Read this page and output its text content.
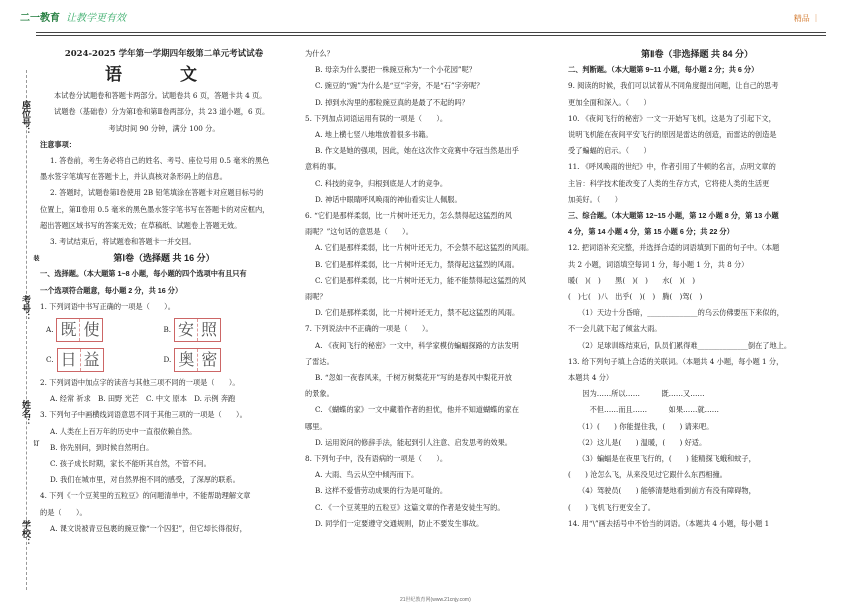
二一教育 让教学更有效	精品 ｜
座位号：
装
考号：
姓名：
订
学校：

2024-2025 学年第一学期四年级第二单元考试试卷

语 文

本试卷分试题卷和答题卡两部分。试题卷共 6 页，答题卡共 4 页。

试题卷（基础卷）分为第Ⅰ卷和第Ⅱ卷两部分，共 23 道小题，6 页。

考试时间 90 分钟，满分 100 分。

注意事项：

1. 答卷前，考生务必将自己的姓名、考号、座位号用 0.5 毫米的黑色

墨水签字笔填写在答题卡上，并认真核对条形码上的信息。

2. 答题时，试题卷第Ⅰ卷使用 2B 铅笔填涂在答题卡对应题目标号的

位置上，第Ⅱ卷用 0.5 毫米的黑色墨水签字笔书写在答题卡的对应框内，

超出答题区域书写的答案无效；在草稿纸、试题卷上答题无效。

3. 考试结束后，将试题卷和答题卡一并交回。

第Ⅰ卷（选择题 共 16 分）

一、选择题。（本大题第 1~8 小题，每小题的四个选项中有且只有

一个选项符合题意，每小题 2 分，共 16 分）

1. 下列词语中书写正确的一项是（　　）。

A. 既 使	B. 安 照
C. 日 益	D. 奥 密

2. 下列词语中加点字的读音与其他三项不同的一项是（　　）。

A. 经常 祈求　B. 田野 光芒　C. 中文 原本　D. 示例 奔跑

3. 下列句子中画横线词语意思不同于其他三项的一项是（　　）。

A. 人类在上百万年的历史中一直很依赖自然。

B. 你先别问，到时候自然明白。

C. 孩子成长时期，家长不能听其自然，不管不问。

D. 我们在城市里，对自然界抱不同的感受，了深厚的联系。

4. 下列《一个豆荚里的五粒豆》的问题清单中，不能帮助理解文章

的是（　　）。

A. 课文说被青豆包裹的豌豆像“一个囚犯”，但它却长得很好，

为什么？

B. 母亲为什么要把一株豌豆称为“一个小花园”呢？

C. 豌豆的“豌”为什么是“豆”字旁，不是“石”字旁呢？

D. 掉到水沟里的那粒豌豆真的是最了不起的吗？

5. 下列加点词语运用有误的一项是（　　）。

A. 地上横七竖八地堆放着很多书籍。

B. 作文是她的强项，因此，她在这次作文竞赛中夺冠当然是出乎

意料的事。

C. 科技的竞争，归根到底是人才的竞争。

D. 神话中眼睛呼风唤雨的神仙看实让人佩服。

6. “它们是那样柔弱，比一片树叶还无力，怎么禁得起这猛烈的风

雨呢？”这句话的意思是（　　）。

A. 它们是那样柔弱，比一片树叶还无力，不会禁不起这猛烈的风雨。

B. 它们是那样柔弱，比一片树叶还无力，禁得起这猛烈的风雨。

C. 它们是那样柔弱，比一片树叶还无力，能不能禁得起这猛烈的风

雨呢？

D. 它们是那样柔弱，比一片树叶还无力，禁不起这猛烈的风雨。

7. 下列说法中不正确的一项是（　　）。

A. 《夜间飞行的秘密》一文中，科学家模仿蝙蝠探路的方法发明

了雷达。

B. “忽如一夜春风来，千树万树梨花开”写的是春风中梨花开放

的景象。

C. 《蝴蝶的家》一文中藏着作者的担忧，他并不知道蝴蝶的家在

哪里。

D. 运用说问的修辞手法，能起到引人注意、启发思考的效果。

8. 下列句子中，没有语病的一项是（　　）。

A. 大雨、鸟云从空中倾泻而下。

B. 这样不爱惜劳动成果的行为是可耻的。

C. 《一个豆荚里的五粒豆》这篇文章的作者是安徒生写的。

D. 同学们一定要遵守交通规则，防止不要发生事故。

第Ⅱ卷（非选择题 共 84 分）

二、判断题。（本大题第 9~11 小题，每小题 2 分；共 6 分）

9. 阅读的时候，我们可以试着从不同角度提出问题，让自己的思考

更加全面和深入。（　　）

10. 《夜间飞行的秘密》一文一开始写飞机，这是为了引起下文，

说明飞机能在夜间平安飞行的原因是雷达的创造，而雷达的创造是

受了蝙蝠的启示。（　　）

11. 《呼风唤雨的世纪》中，作者引用了牛顿的名言，点明文章的

主旨：科学技术能改变了人类的生存方式，它将使人类的生活更

加美好。（　　）

三、综合题。（本大题第 12~15 小题，第 12 小题 8 分，第 13 小题

4 分，第 14 小题 4 分，第 15 小题 6 分；共 22 分）

12. 把词语补充完整，并选择合适的词语填到下面的句子中。（本题

共 2 小题，词语填空每词 1 分，每小题 1 分，共 8 分）

暖(　)(　)　　黑(　)(　)　　水(　)(　)

(　)七(　)八　出乎(　)(　)　腾(　)驾(　)

（1）天边十分昏暗，______________的乌云仿佛要压下来似的，

不一会儿就下起了倾盆大雨。

（2）足球训练结束后，队员们累得难______________倒在了地上。

13. 给下列句子填上合适的关联词。（本题共 4 小题，每小题 1 分，

本题共 4 分）

　　因为……所以……　　　既……又……

　　　不但……而且……　　　如果……就……

（1）(　　) 你能提住我，(　　) 请来吧。

（2）这儿是(　　) 温暖，(　　) 好适。

（3）蝙蝠是在夜里飞行的，(　　) 能精探飞蛾和蚊子，

(　　) 沧怎么飞，从来没见过它跟什么东西相撞。

（4）驾驶员(　　) 能够清楚地看到前方有没有障碍物，

(　　) 飞机飞行更安全了。

14. 用“\”画去括号中不恰当的词语。（本题共 4 小题，每小题 1

21世纪教育网(www.21cnjy.com)
